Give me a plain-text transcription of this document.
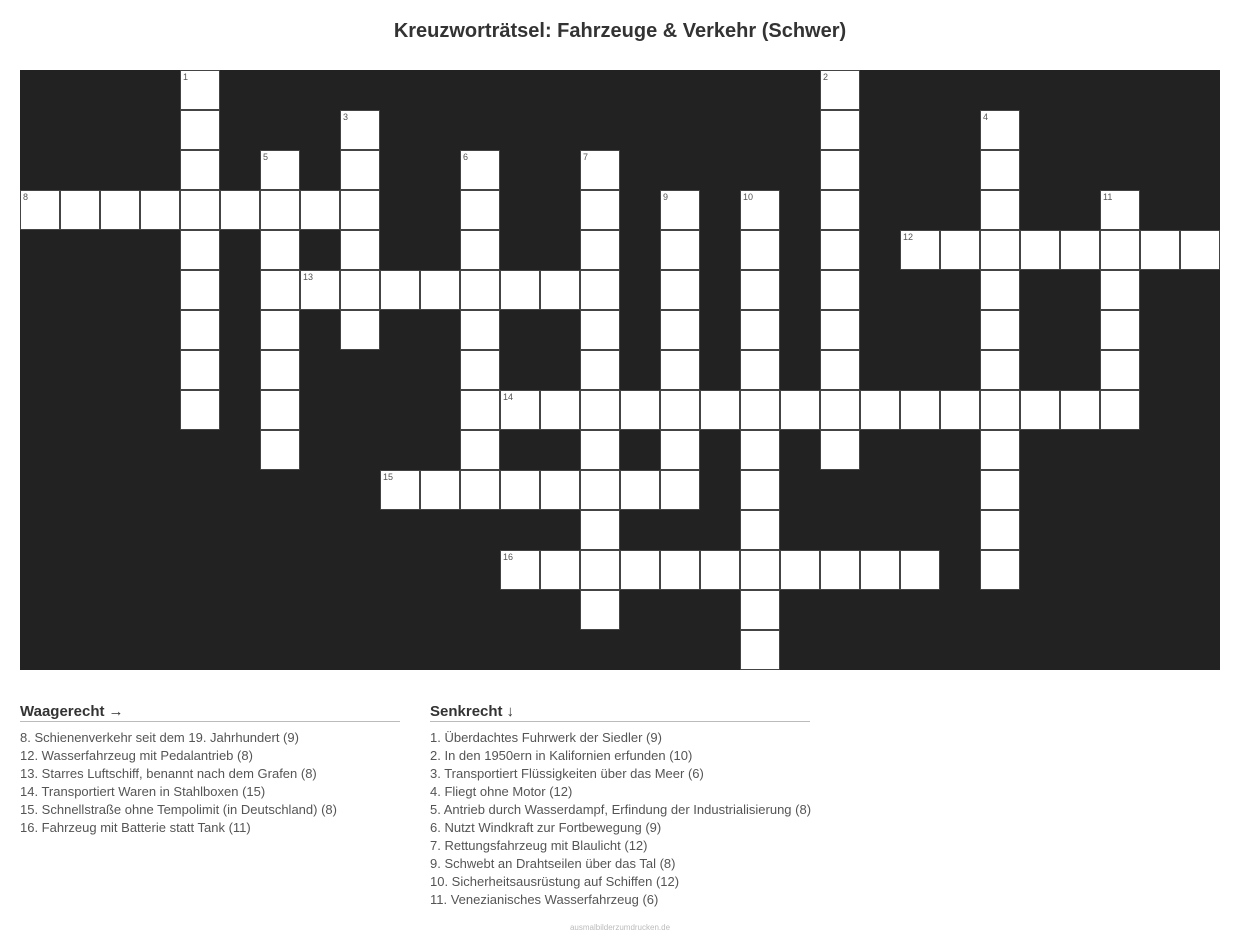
Kreuzworträtsel: Fahrzeuge & Verkehr (Schwer)
1	2
3	4
5	6	7
8	9	10	11
12
13
14
15
16
Waagerecht →
8. Schienenverkehr seit dem 19. Jahrhundert (9)
12. Wasserfahrzeug mit Pedalantrieb (8)
13. Starres Luftschiff, benannt nach dem Grafen (8)
14. Transportiert Waren in Stahlboxen (15)
15. Schnellstraße ohne Tempolimit (in Deutschland) (8)
16. Fahrzeug mit Batterie statt Tank (11)
Senkrecht ↓
1. Überdachtes Fuhrwerk der Siedler (9)
2. In den 1950ern in Kalifornien erfunden (10)
3. Transportiert Flüssigkeiten über das Meer (6)
4. Fliegt ohne Motor (12)
5. Antrieb durch Wasserdampf, Erfindung der Industrialisierung (8)
6. Nutzt Windkraft zur Fortbewegung (9)
7. Rettungsfahrzeug mit Blaulicht (12)
9. Schwebt an Drahtseilen über das Tal (8)
10. Sicherheitsausrüstung auf Schiffen (12)
11. Venezianisches Wasserfahrzeug (6)
ausmalbilderzumdrucken.de
